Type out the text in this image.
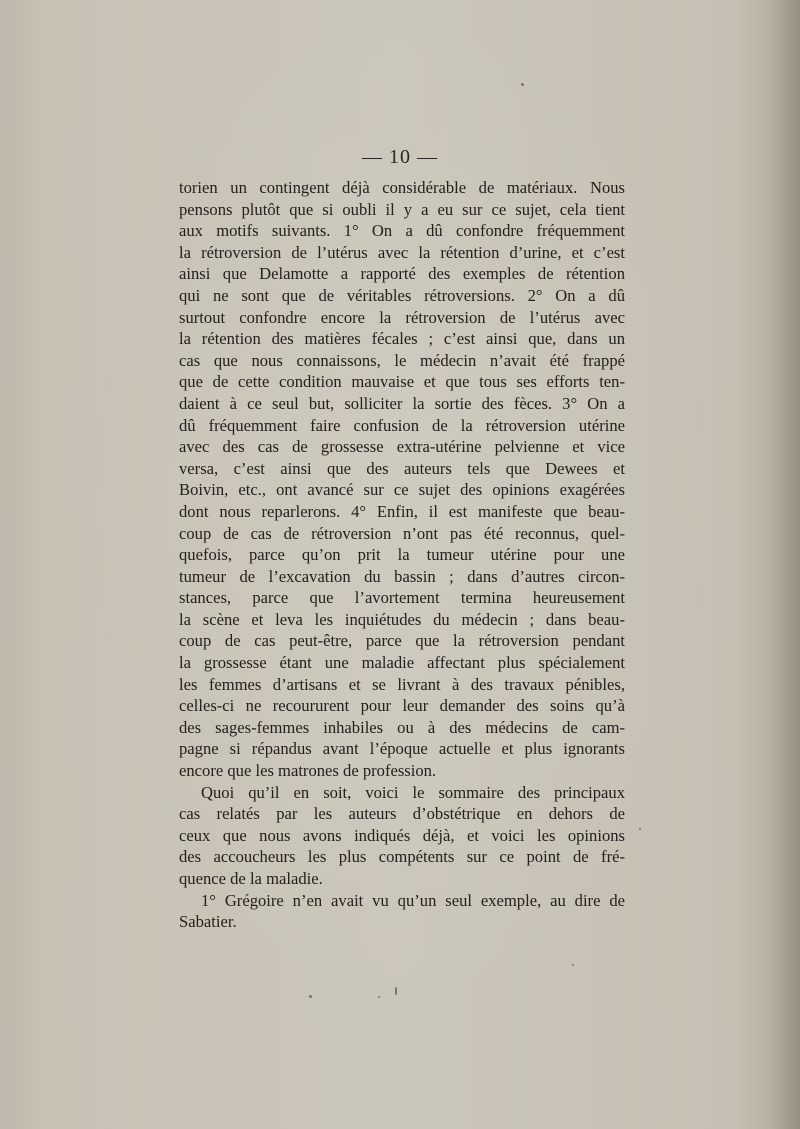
— 10 —
torien un contingent déjà considérable de matériaux. Nous
pensons plutôt que si oubli il y a eu sur ce sujet, cela tient
aux motifs suivants. 1° On a dû confondre fréquemment
la rétroversion de l’utérus avec la rétention d’urine, et c’est
ainsi que Delamotte a rapporté des exemples de rétention
qui ne sont que de véritables rétroversions. 2° On a dû
surtout confondre encore la rétroversion de l’utérus avec
la rétention des matières fécales ; c’est ainsi que, dans un
cas que nous connaissons, le médecin n’avait été frappé
que de cette condition mauvaise et que tous ses efforts ten-
daient à ce seul but, solliciter la sortie des fèces. 3° On a
dû fréquemment faire confusion de la rétroversion utérine
avec des cas de grossesse extra-utérine pelvienne et vice
versa, c’est ainsi que des auteurs tels que Dewees et
Boivin, etc., ont avancé sur ce sujet des opinions exagérées
dont nous reparlerons. 4° Enfin, il est manifeste que beau-
coup de cas de rétroversion n’ont pas été reconnus, quel-
quefois, parce qu’on prit la tumeur utérine pour une
tumeur de l’excavation du bassin ; dans d’autres circon-
stances, parce que l’avortement termina heureusement
la scène et leva les inquiétudes du médecin ; dans beau-
coup de cas peut-être, parce que la rétroversion pendant
la grossesse étant une maladie affectant plus spécialement
les femmes d’artisans et se livrant à des travaux pénibles,
celles-ci ne recoururent pour leur demander des soins qu’à
des sages-femmes inhabiles ou à des médecins de cam-
pagne si répandus avant l’époque actuelle et plus ignorants
encore que les matrones de profession.
Quoi qu’il en soit, voici le sommaire des principaux
cas relatés par les auteurs d’obstétrique en dehors de
ceux que nous avons indiqués déjà, et voici les opinions
des accoucheurs les plus compétents sur ce point de fré-
quence de la maladie.
1° Grégoire n’en avait vu qu’un seul exemple, au dire de
Sabatier.
